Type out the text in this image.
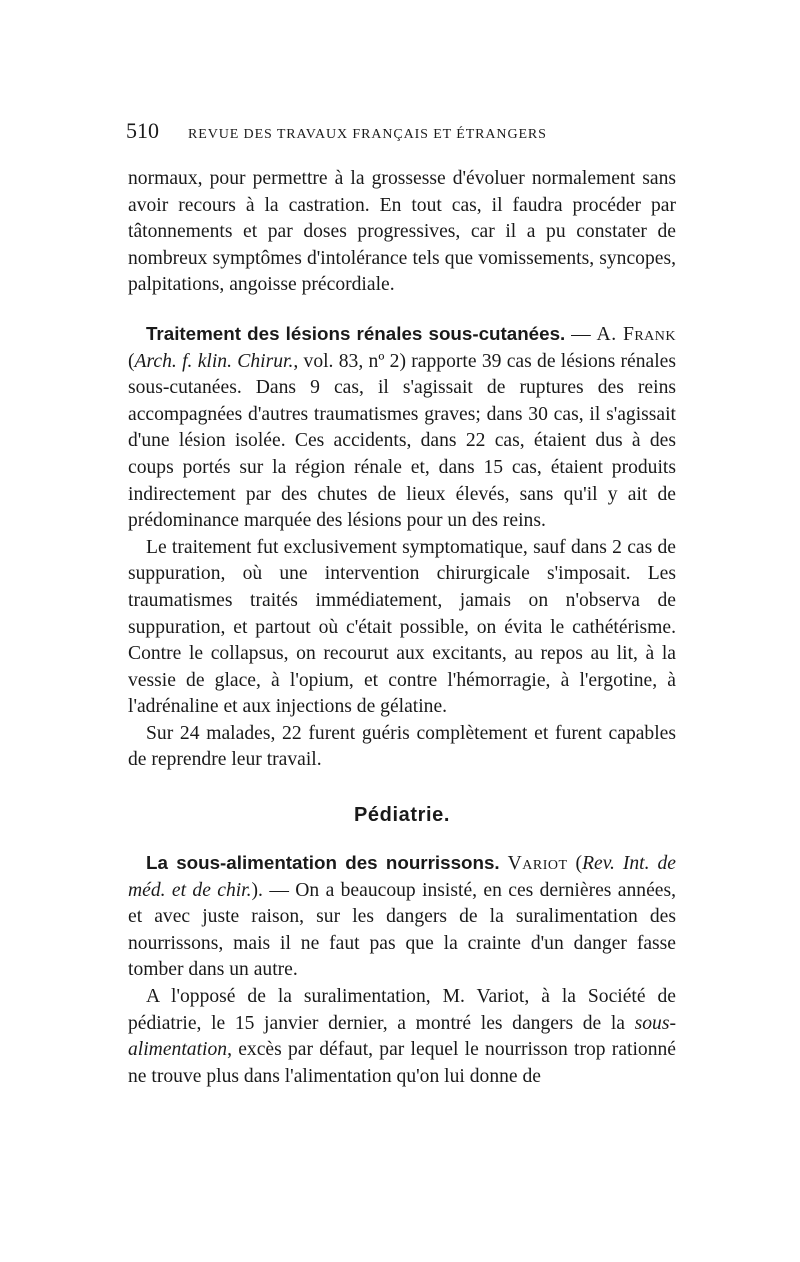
510	REVUE DES TRAVAUX FRANÇAIS ET ÉTRANGERS

normaux, pour permettre à la grossesse d'évoluer normalement sans avoir recours à la castration. En tout cas, il faudra procéder par tâtonnements et par doses progressives, car il a pu constater de nombreux symptômes d'intolérance tels que vomissements, syncopes, palpitations, angoisse précordiale.

Traitement des lésions rénales sous-cutanées. — A. Frank (Arch. f. klin. Chirur., vol. 83, nº 2) rapporte 39 cas de lésions rénales sous-cutanées. Dans 9 cas, il s'agissait de ruptures des reins accompagnées d'autres traumatismes graves; dans 30 cas, il s'agissait d'une lésion isolée. Ces accidents, dans 22 cas, étaient dus à des coups portés sur la région rénale et, dans 15 cas, étaient produits indirectement par des chutes de lieux élevés, sans qu'il y ait de prédominance marquée des lésions pour un des reins.

Le traitement fut exclusivement symptomatique, sauf dans 2 cas de suppuration, où une intervention chirurgicale s'imposait. Les traumatismes traités immédiatement, jamais on n'observa de suppuration, et partout où c'était possible, on évita le cathétérisme. Contre le collapsus, on recourut aux excitants, au repos au lit, à la vessie de glace, à l'opium, et contre l'hémorragie, à l'ergotine, à l'adrénaline et aux injections de gélatine.

Sur 24 malades, 22 furent guéris complètement et furent capables de reprendre leur travail.

Pédiatrie.

La sous-alimentation des nourrissons. Variot (Rev. Int. de méd. et de chir.). — On a beaucoup insisté, en ces dernières années, et avec juste raison, sur les dangers de la suralimentation des nourrissons, mais il ne faut pas que la crainte d'un danger fasse tomber dans un autre.

A l'opposé de la suralimentation, M. Variot, à la Société de pédiatrie, le 15 janvier dernier, a montré les dangers de la sous-alimentation, excès par défaut, par lequel le nourrisson trop rationné ne trouve plus dans l'alimentation qu'on lui donne de
